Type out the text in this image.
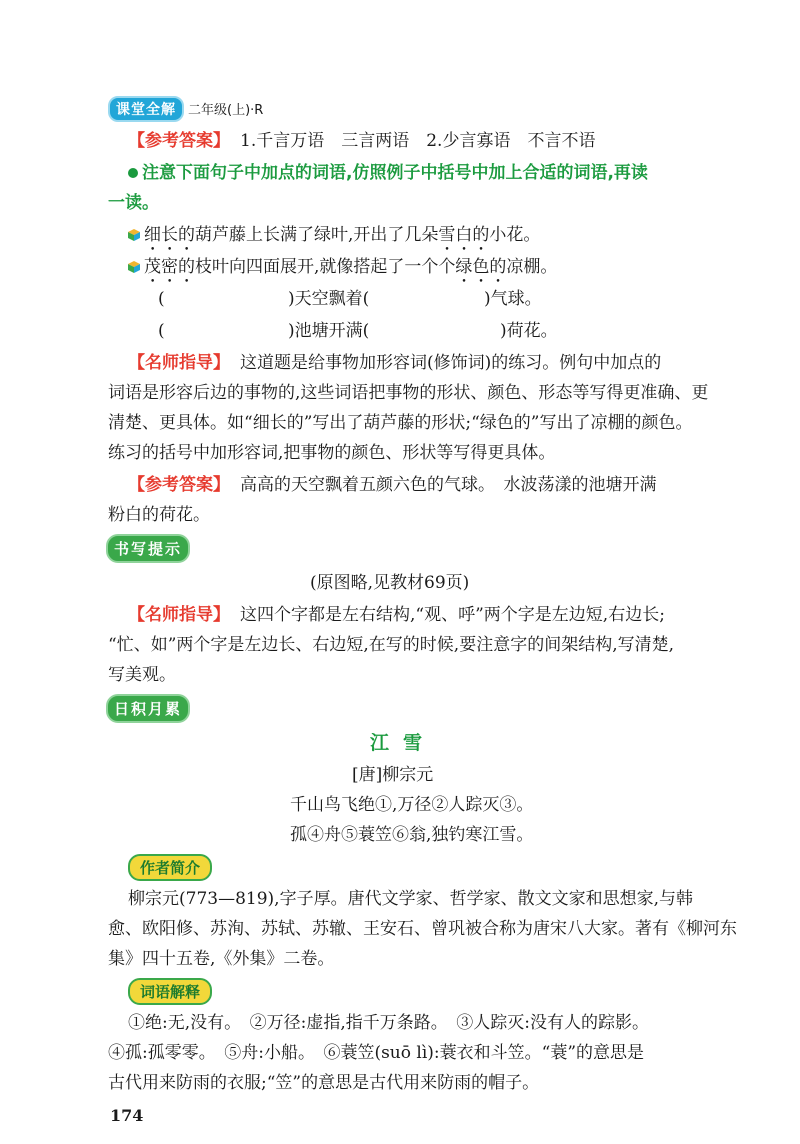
课堂全解 二年级(上)·R
【参考答案】 1.千言万语　三言两语　2.少言寡语　不言不语
注意下面句子中加点的词语,仿照例子中括号中加上合适的词语,再读
一读。
细长的葫芦藤上长满了绿叶,开出了几朵雪白的小花。
茂密的枝叶向四面展开,就像搭起了一个个绿色的凉棚。
(	)天空飘着(	)气球。
(	)池塘开满(	)荷花。
【名师指导】 这道题是给事物加形容词(修饰词)的练习。例句中加点的
词语是形容后边的事物的,这些词语把事物的形状、颜色、形态等写得更准确、更
清楚、更具体。如“细长的”写出了葫芦藤的形状;“绿色的”写出了凉棚的颜色。
练习的括号中加形容词,把事物的颜色、形状等写得更具体。
【参考答案】 高高的天空飘着五颜六色的气球。　水波荡漾的池塘开满
粉白的荷花。
书写提示
(原图略,见教材69页)
【名师指导】 这四个字都是左右结构,“观、呼”两个字是左边短,右边长;
“忙、如”两个字是左边长、右边短,在写的时候,要注意字的间架结构,写清楚,
写美观。
日积月累
江雪
[唐]柳宗元
千山鸟飞绝①,万径②人踪灭③。
孤④舟⑤蓑笠⑥翁,独钓寒江雪。
作者简介
柳宗元(773—819),字子厚。唐代文学家、哲学家、散文文家和思想家,与韩
愈、欧阳修、苏洵、苏轼、苏辙、王安石、曾巩被合称为唐宋八大家。著有《柳河东
集》四十五卷,《外集》二卷。
词语解释
①绝:无,没有。　②万径:虚指,指千万条路。　③人踪灭:没有人的踪影。
④孤:孤零零。　⑤舟:小船。　⑥蓑笠(suō lì):蓑衣和斗笠。“蓑”的意思是
古代用来防雨的衣服;“笠”的意思是古代用来防雨的帽子。
174
